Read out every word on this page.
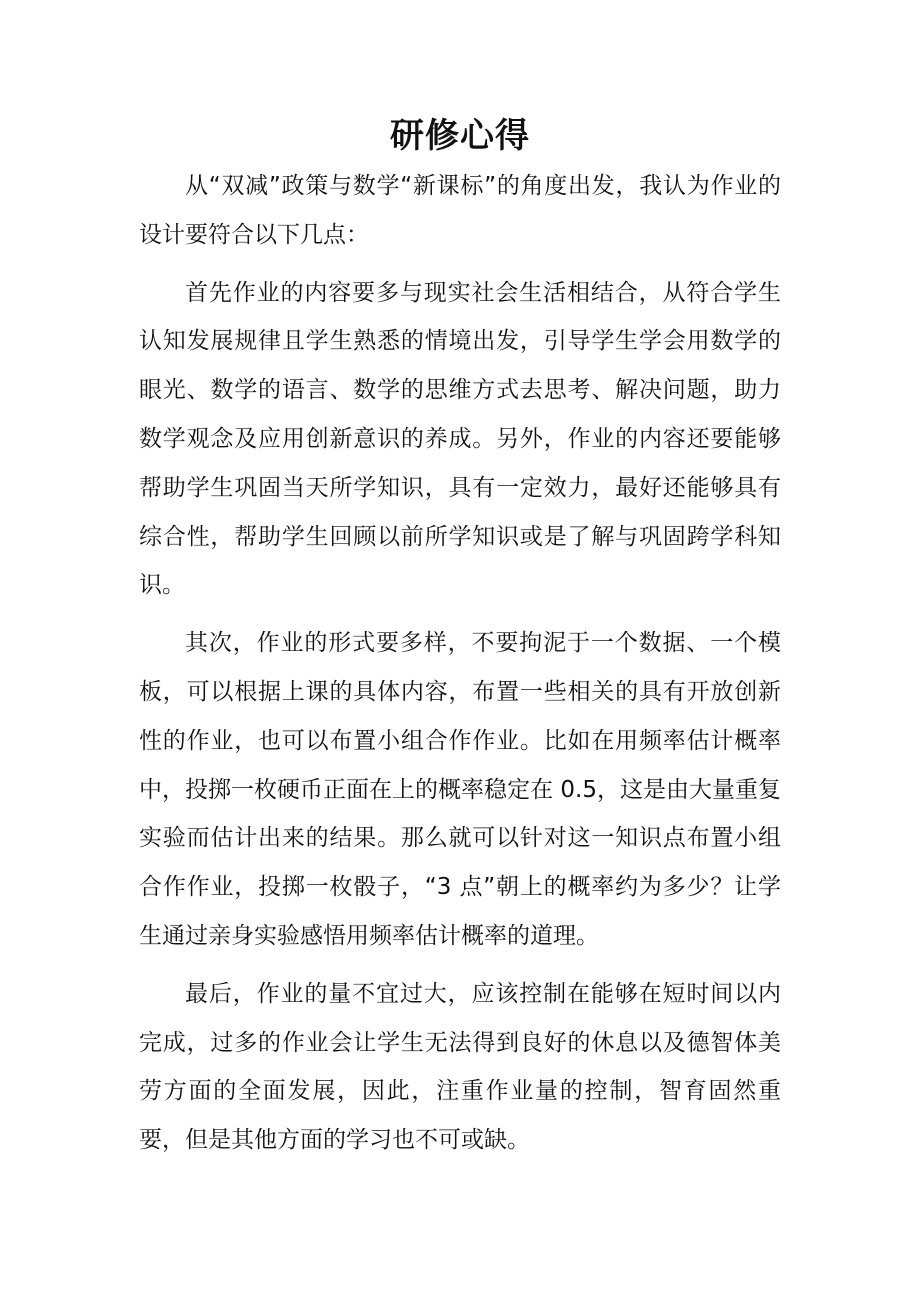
研修心得

从“双减”政策与数学“新课标”的角度出发，我认为作业的设计要符合以下几点：

首先作业的内容要多与现实社会生活相结合，从符合学生认知发展规律且学生熟悉的情境出发，引导学生学会用数学的眼光、数学的语言、数学的思维方式去思考、解决问题，助力数学观念及应用创新意识的养成。另外，作业的内容还要能够帮助学生巩固当天所学知识，具有一定效力，最好还能够具有综合性，帮助学生回顾以前所学知识或是了解与巩固跨学科知识。

其次，作业的形式要多样，不要拘泥于一个数据、一个模板，可以根据上课的具体内容，布置一些相关的具有开放创新性的作业，也可以布置小组合作作业。比如在用频率估计概率中，投掷一枚硬币正面在上的概率稳定在 0.5，这是由大量重复实验而估计出来的结果。那么就可以针对这一知识点布置小组合作作业，投掷一枚骰子，“3 点”朝上的概率约为多少？让学生通过亲身实验感悟用频率估计概率的道理。

最后，作业的量不宜过大，应该控制在能够在短时间以内完成，过多的作业会让学生无法得到良好的休息以及德智体美劳方面的全面发展，因此，注重作业量的控制，智育固然重要，但是其他方面的学习也不可或缺。
